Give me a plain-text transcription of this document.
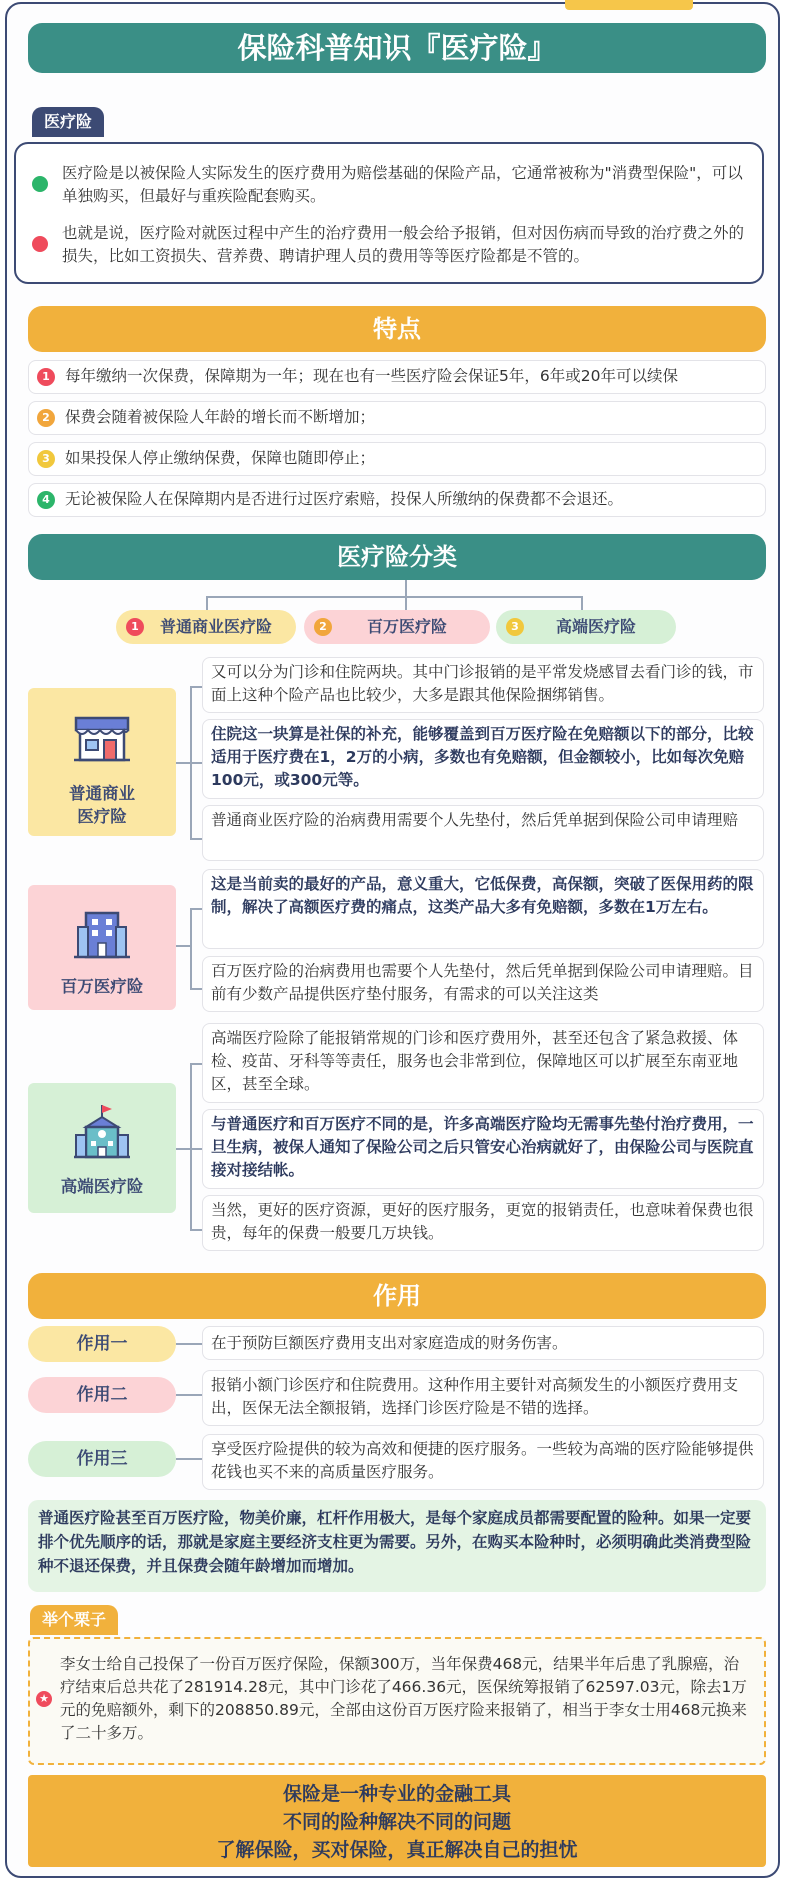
保险科普知识『医疗险』
医疗险
医疗险是以被保险人实际发生的医疗费用为赔偿基础的保险产品，它通常被称为"消费型保险"，可以单独购买，但最好与重疾险配套购买。
也就是说，医疗险对就医过程中产生的治疗费用一般会给予报销，但对因伤病而导致的治疗费之外的损失，比如工资损失、营养费、聘请护理人员的费用等等医疗险都是不管的。
特点
1 每年缴纳一次保费，保障期为一年；现在也有一些医疗险会保证5年，6年或20年可以续保
2 保费会随着被保险人年龄的增长而不断增加；
3 如果投保人停止缴纳保费，保障也随即停止；
4 无论被保险人在保障期内是否进行过医疗索赔，投保人所缴纳的保费都不会退还。
医疗险分类
1	普通商业医疗险	2	百万医疗险	3	高端医疗险
普通商业
医疗险
又可以分为门诊和住院两块。其中门诊报销的是平常发烧感冒去看门诊的钱，市面上这种个险产品也比较少，大多是跟其他保险捆绑销售。
住院这一块算是社保的补充，能够覆盖到百万医疗险在免赔额以下的部分，比较适用于医疗费在1，2万的小病，多数也有免赔额，但金额较小，比如每次免赔100元，或300元等。
普通商业医疗险的治病费用需要个人先垫付，然后凭单据到保险公司申请理赔
百万医疗险
这是当前卖的最好的产品，意义重大，它低保费，高保额，突破了医保用药的限制，解决了高额医疗费的痛点，这类产品大多有免赔额，多数在1万左右。
百万医疗险的治病费用也需要个人先垫付，然后凭单据到保险公司申请理赔。目前有少数产品提供医疗垫付服务，有需求的可以关注这类
高端医疗险
高端医疗险除了能报销常规的门诊和医疗费用外，甚至还包含了紧急救援、体检、疫苗、牙科等等责任，服务也会非常到位，保障地区可以扩展至东南亚地区，甚至全球。
与普通医疗和百万医疗不同的是，许多高端医疗险均无需事先垫付治疗费用，一旦生病，被保人通知了保险公司之后只管安心治病就好了，由保险公司与医院直接对接结帐。
当然，更好的医疗资源，更好的医疗服务，更宽的报销责任，也意味着保费也很贵，每年的保费一般要几万块钱。
作用
作用一	在于预防巨额医疗费用支出对家庭造成的财务伤害。
作用二	报销小额门诊医疗和住院费用。这种作用主要针对高频发生的小额医疗费用支出，医保无法全额报销，选择门诊医疗险是不错的选择。
作用三	享受医疗险提供的较为高效和便捷的医疗服务。一些较为高端的医疗险能够提供花钱也买不来的高质量医疗服务。
普通医疗险甚至百万医疗险，物美价廉，杠杆作用极大，是每个家庭成员都需要配置的险种。如果一定要排个优先顺序的话，那就是家庭主要经济支柱更为需要。另外，在购买本险种时，必须明确此类消费型险种不退还保费，并且保费会随年龄增加而增加。
举个栗子
★
李女士给自己投保了一份百万医疗保险，保额300万，当年保费468元，结果半年后患了乳腺癌，治疗结束后总共花了281914.28元，其中门诊花了466.36元，医保统筹报销了62597.03元，除去1万元的免赔额外，剩下的208850.89元，全部由这份百万医疗险来报销了，相当于李女士用468元换来了二十多万。
保险是一种专业的金融工具
不同的险种解决不同的问题
了解保险，买对保险，真正解决自己的担忧
